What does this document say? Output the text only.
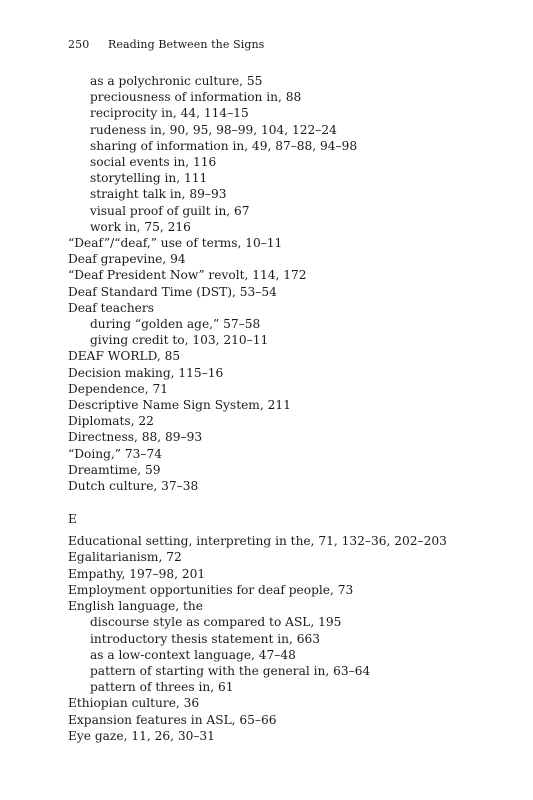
250 Reading Between the Signs
as a polychronic culture, 55
preciousness of information in, 88
reciprocity in, 44, 114–15
rudeness in, 90, 95, 98–99, 104, 122–24
sharing of information in, 49, 87–88, 94–98
social events in, 116
storytelling in, 111
straight talk in, 89–93
visual proof of guilt in, 67
work in, 75, 216
“Deaf”/“deaf,” use of terms, 10–11
Deaf grapevine, 94
“Deaf President Now” revolt, 114, 172
Deaf Standard Time (DST), 53–54
Deaf teachers
during “golden age,” 57–58
giving credit to, 103, 210–11
DEAF WORLD, 85
Decision making, 115–16
Dependence, 71
Descriptive Name Sign System, 211
Diplomats, 22
Directness, 88, 89–93
“Doing,” 73–74
Dreamtime, 59
Dutch culture, 37–38
E
Educational setting, interpreting in the, 71, 132–36, 202–203
Egalitarianism, 72
Empathy, 197–98, 201
Employment opportunities for deaf people, 73
English language, the
discourse style as compared to ASL, 195
introductory thesis statement in, 663
as a low-context language, 47–48
pattern of starting with the general in, 63–64
pattern of threes in, 61
Ethiopian culture, 36
Expansion features in ASL, 65–66
Eye gaze, 11, 26, 30–31
